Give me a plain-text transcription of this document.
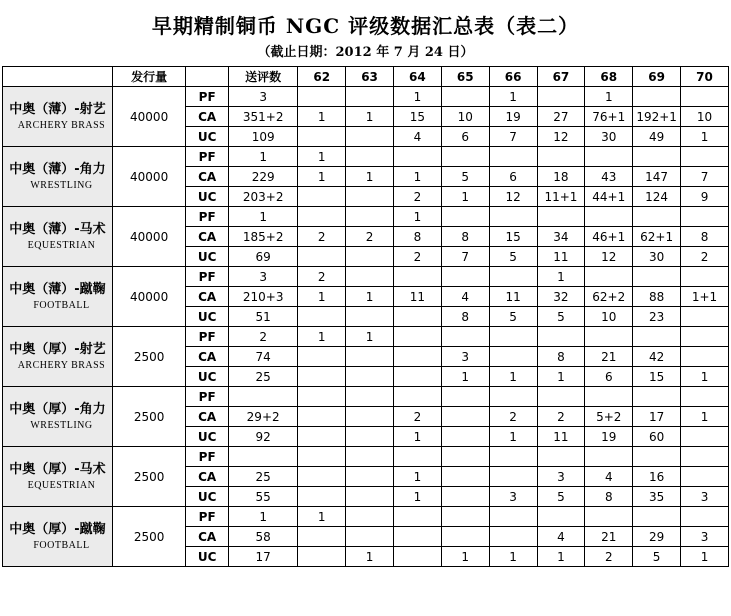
早期精制铜币 NGC 评级数据汇总表（表二）
（截止日期：2012 年 7 月 24 日）
	发行量		送评数	62	63	64	65	66	67	68	69	70

中奥（薄）-射艺
ARCHERY BRASS	40000	PF	3			1		1		1		
		CA	351+2	1	1	15	10	19	27	76+1	192+1	10
		UC	109			4	6	7	12	30	49	1

中奥（薄）-角力
WRESTLING	40000	PF	1	1								
		CA	229	1	1	1	5	6	18	43	147	7
		UC	203+2			2	1	12	11+1	44+1	124	9

中奥（薄）-马术
EQUESTRIAN	40000	PF	1			1						
		CA	185+2	2	2	8	8	15	34	46+1	62+1	8
		UC	69			2	7	5	11	12	30	2

中奥（薄）-蹴鞠
FOOTBALL	40000	PF	3	2					1			
		CA	210+3	1	1	11	4	11	32	62+2	88	1+1
		UC	51				8	5	5	10	23	

中奥（厚）-射艺
ARCHERY BRASS	2500	PF	2	1	1							
		CA	74				3		8	21	42	
		UC	25				1	1	1	6	15	1

中奥（厚）-角力
WRESTLING	2500	PF										
		CA	29+2			2		2	2	5+2	17	1
		UC	92			1		1	11	19	60	

中奥（厚）-马术
EQUESTRIAN	2500	PF										
		CA	25			1			3	4	16	
		UC	55			1		3	5	8	35	3

中奥（厚）-蹴鞠
FOOTBALL	2500	PF	1	1								
		CA	58						4	21	29	3
		UC	17		1		1	1	1	2	5	1
